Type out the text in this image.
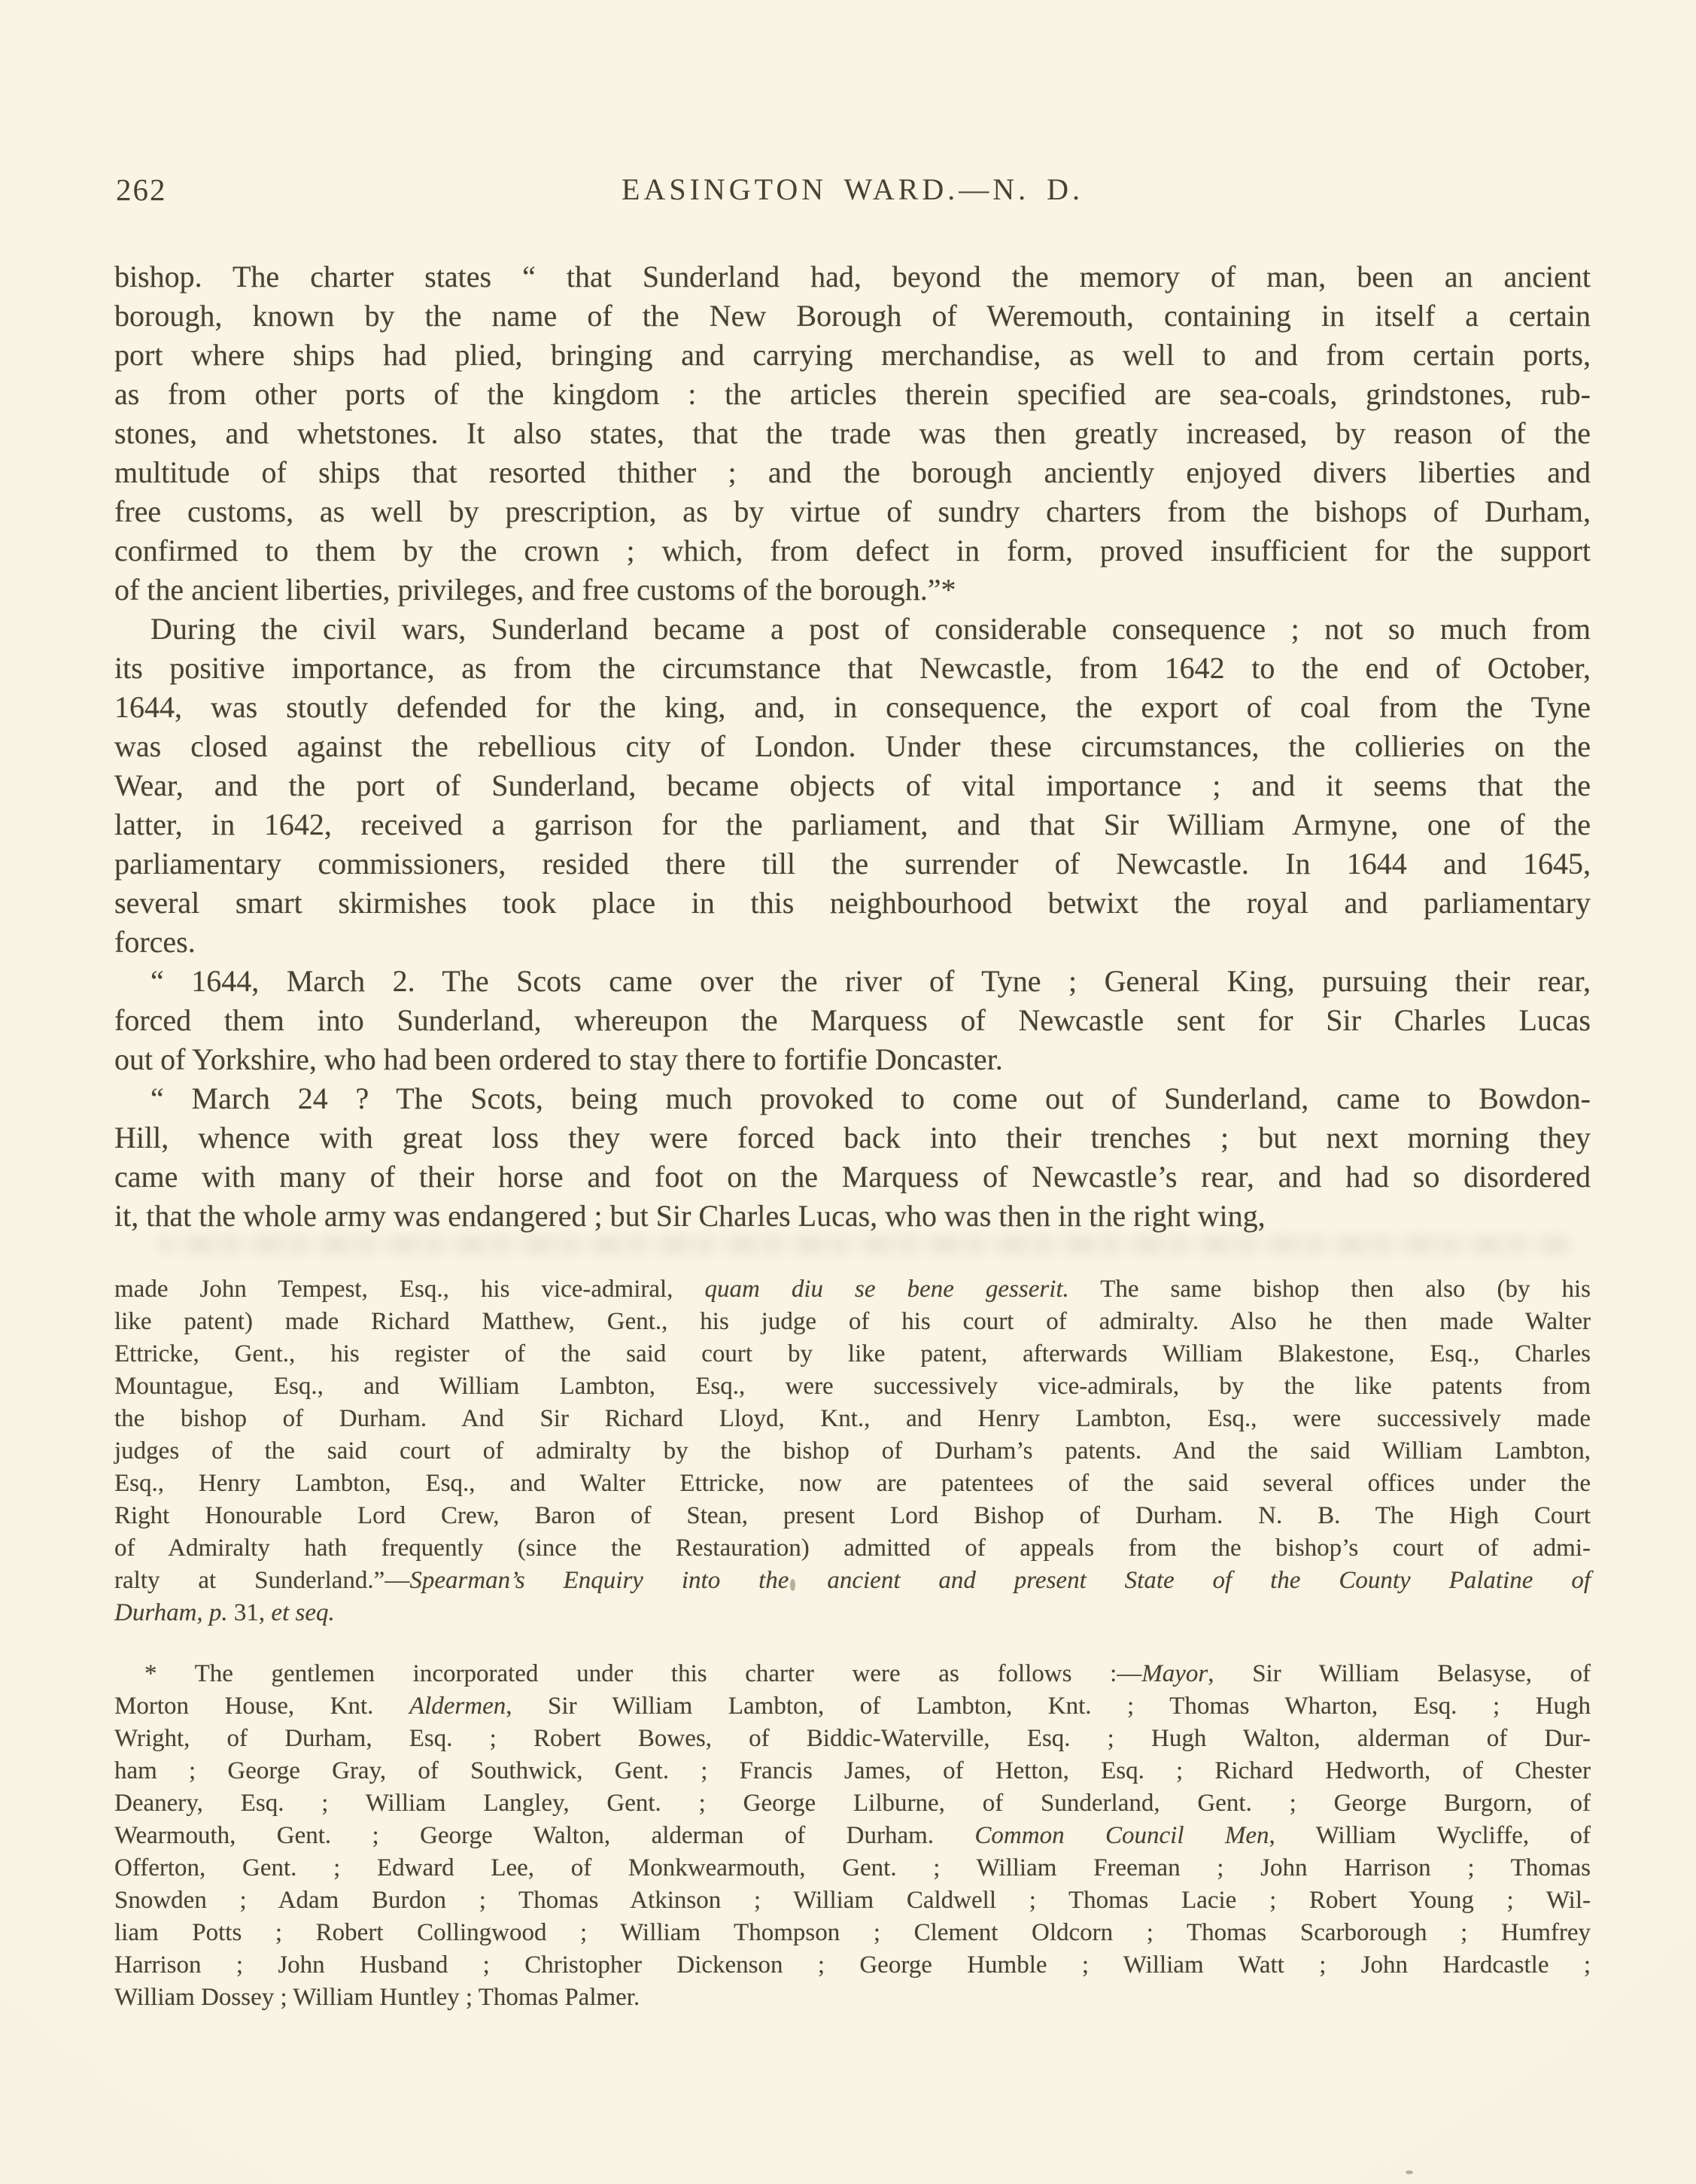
262	EASINGTON WARD.—N. D.
bishop. The charter states “ that Sunderland had, beyond the memory of man, been an ancient
borough, known by the name of the New Borough of Weremouth, containing in itself a certain
port where ships had plied, bringing and carrying merchandise, as well to and from certain ports,
as from other ports of the kingdom : the articles therein specified are sea-coals, grindstones, rub-
stones, and whetstones. It also states, that the trade was then greatly increased, by reason of the
multitude of ships that resorted thither ; and the borough anciently enjoyed divers liberties and
free customs, as well by prescription, as by virtue of sundry charters from the bishops of Durham,
confirmed to them by the crown ; which, from defect in form, proved insufficient for the support
of the ancient liberties, privileges, and free customs of the borough.”*
During the civil wars, Sunderland became a post of considerable consequence ; not so much from
its positive importance, as from the circumstance that Newcastle, from 1642 to the end of October,
1644, was stoutly defended for the king, and, in consequence, the export of coal from the Tyne
was closed against the rebellious city of London. Under these circumstances, the collieries on the
Wear, and the port of Sunderland, became objects of vital importance ; and it seems that the
latter, in 1642, received a garrison for the parliament, and that Sir William Armyne, one of the
parliamentary commissioners, resided there till the surrender of Newcastle. In 1644 and 1645,
several smart skirmishes took place in this neighbourhood betwixt the royal and parliamentary
forces.
“ 1644, March 2. The Scots came over the river of Tyne ; General King, pursuing their rear,
forced them into Sunderland, whereupon the Marquess of Newcastle sent for Sir Charles Lucas
out of Yorkshire, who had been ordered to stay there to fortifie Doncaster.
“ March 24 ? The Scots, being much provoked to come out of Sunderland, came to Bowdon-
Hill, whence with great loss they were forced back into their trenches ; but next morning they
came with many of their horse and foot on the Marquess of Newcastle’s rear, and had so disordered
it, that the whole army was endangered ; but Sir Charles Lucas, who was then in the right wing,
made John Tempest, Esq., his vice-admiral, quam diu se bene gesserit. The same bishop then also (by his
like patent) made Richard Matthew, Gent., his judge of his court of admiralty. Also he then made Walter
Ettricke, Gent., his register of the said court by like patent, afterwards William Blakestone, Esq., Charles
Mountague, Esq., and William Lambton, Esq., were successively vice-admirals, by the like patents from
the bishop of Durham. And Sir Richard Lloyd, Knt., and Henry Lambton, Esq., were successively made
judges of the said court of admiralty by the bishop of Durham’s patents. And the said William Lambton,
Esq., Henry Lambton, Esq., and Walter Ettricke, now are patentees of the said several offices under the
Right Honourable Lord Crew, Baron of Stean, present Lord Bishop of Durham. N. B. The High Court
of Admiralty hath frequently (since the Restauration) admitted of appeals from the bishop’s court of admi-
ralty at Sunderland.”—Spearman’s Enquiry into the ancient and present State of the County Palatine of
Durham, p. 31, et seq.
* The gentlemen incorporated under this charter were as follows :—Mayor, Sir William Belasyse, of
Morton House, Knt. Aldermen, Sir William Lambton, of Lambton, Knt. ; Thomas Wharton, Esq. ; Hugh
Wright, of Durham, Esq. ; Robert Bowes, of Biddic-Waterville, Esq. ; Hugh Walton, alderman of Dur-
ham ; George Gray, of Southwick, Gent. ; Francis James, of Hetton, Esq. ; Richard Hedworth, of Chester
Deanery, Esq. ; William Langley, Gent. ; George Lilburne, of Sunderland, Gent. ; George Burgorn, of
Wearmouth, Gent. ; George Walton, alderman of Durham. Common Council Men, William Wycliffe, of
Offerton, Gent. ; Edward Lee, of Monkwearmouth, Gent. ; William Freeman ; John Harrison ; Thomas
Snowden ; Adam Burdon ; Thomas Atkinson ; William Caldwell ; Thomas Lacie ; Robert Young ; Wil-
liam Potts ; Robert Collingwood ; William Thompson ; Clement Oldcorn ; Thomas Scarborough ; Humfrey
Harrison ; John Husband ; Christopher Dickenson ; George Humble ; William Watt ; John Hardcastle ;
William Dossey ; William Huntley ; Thomas Palmer.
